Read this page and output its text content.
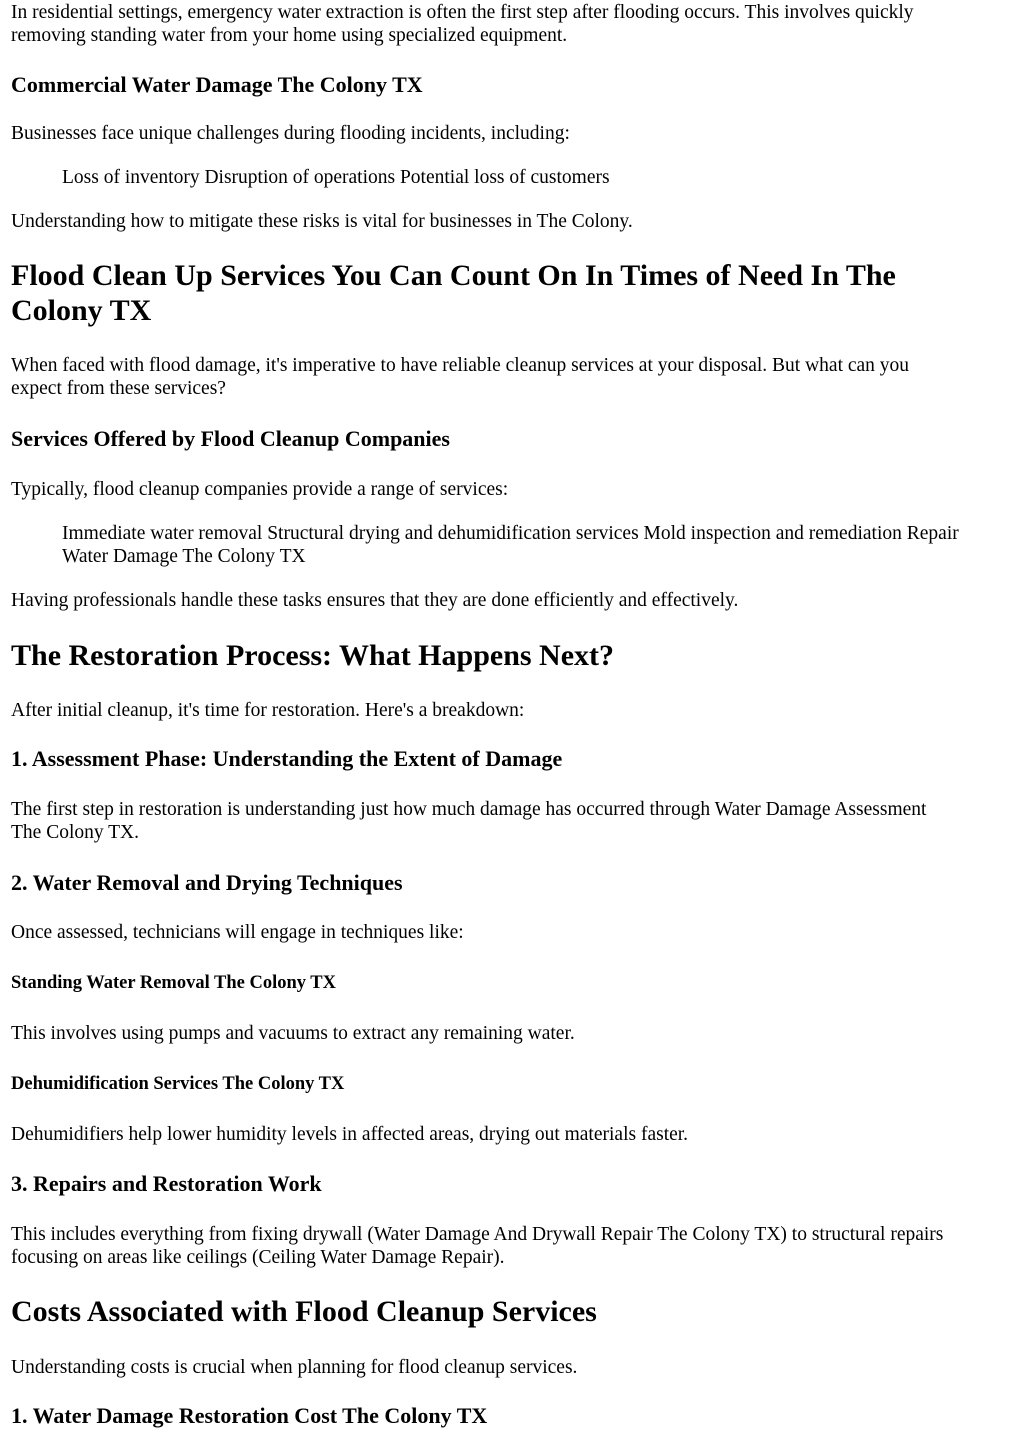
In residential settings, emergency water extraction is often the first step after flooding occurs. This involves quickly
removing standing water from your home using specialized equipment.

Commercial Water Damage The Colony TX

Businesses face unique challenges during flooding incidents, including:

Loss of inventory Disruption of operations Potential loss of customers

Understanding how to mitigate these risks is vital for businesses in The Colony.

Flood Clean Up Services You Can Count On In Times of Need In The
Colony TX

When faced with flood damage, it's imperative to have reliable cleanup services at your disposal. But what can you
expect from these services?

Services Offered by Flood Cleanup Companies

Typically, flood cleanup companies provide a range of services:

Immediate water removal Structural drying and dehumidification services Mold inspection and remediation Repair
Water Damage The Colony TX

Having professionals handle these tasks ensures that they are done efficiently and effectively.

The Restoration Process: What Happens Next?

After initial cleanup, it's time for restoration. Here's a breakdown:

1. Assessment Phase: Understanding the Extent of Damage

The first step in restoration is understanding just how much damage has occurred through Water Damage Assessment
The Colony TX.

2. Water Removal and Drying Techniques

Once assessed, technicians will engage in techniques like:

Standing Water Removal The Colony TX

This involves using pumps and vacuums to extract any remaining water.

Dehumidification Services The Colony TX

Dehumidifiers help lower humidity levels in affected areas, drying out materials faster.

3. Repairs and Restoration Work

This includes everything from fixing drywall (Water Damage And Drywall Repair The Colony TX) to structural repairs
focusing on areas like ceilings (Ceiling Water Damage Repair).

Costs Associated with Flood Cleanup Services

Understanding costs is crucial when planning for flood cleanup services.

1. Water Damage Restoration Cost The Colony TX
